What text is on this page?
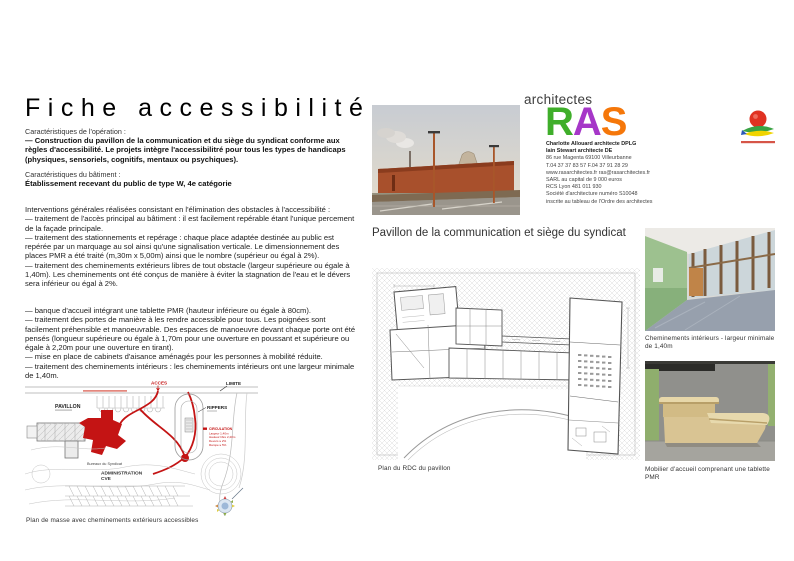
Fiche accessibilité
Caractéristiques de l'opération :
— Construction du pavillon de la communication et du siège du syndicat conforme aux règles d'accessibilité. Le projets intègre l'accessibilitré pour tous les types de handicaps (physiques, sensoriels, cognitifs, mentaux ou psychiques).
Caractéristiques du bâtiment :
Établissement recevant du public de type W, 4e catégorie
Interventions générales réalisées consistant en l'élimination des obstacles à l'accessibilité :
— traitement de l'accès principal au bâtiment : il est facilement repérable étant l'unique percement de la façade principale.
— traitement des stationnements et repérage : chaque place adaptée destinée au public est repérée par un marquage au sol ainsi qu'une signalisation verticale. Le dimensionnement des places PMR a été traité (m,30m x 5,00m) ainsi que le nombre (supérieur ou égal à 2%).
— traitement des cheminements extérieurs libres de tout obstacle (largeur supérieure ou égale à 1,40m). Les cheminements ont été conçus de manière à éviter la stagnation de l'eau et le dévers sera inférieur ou égal à 2%.
— banque d'accueil intégrant une tablette PMR (hauteur inférieure ou égale à 80cm).
— traitement des portes de manière à les rendre accessible pour tous. Les poignées sont facilement préhensible et manoeuvrable. Des espaces de manoeuvre devant chaque porte ont été pensés (longueur supérieure ou égale à 1,70m pour une ouverture en poussant et supérieure ou égale à 2,20m pour une ouverture en tirant).
— mise en place de cabinets d'aisance aménagés pour les personnes à mobilité réduite.
— traitement des cheminements intérieurs : les cheminements intérieurs ont une largeur minimale de 1,40m.
ACCES	LIMITE
PAVILLON	RIPPERS
CIRCULATION
Largeur 1,40m
Hauteur libre 2,20m
Devers ≤ 2%
Rampe ≤ 5%
Bureaux du Syndicat
ADMINISTRATION
CVE
Plan de masse avec cheminements extérieurs accessibles
architectes
RAS
Charlotte Allouard architecte DPLG
Iain Stewart architecte DE
86 rue Magenta 69100 Villeurbanne
T.04 37 37 83 57 F.04 37 91 28 29
www.rasarchitectes.fr ras@rasarchitectes.fr
SARL au capital de 9 000 euros
RCS Lyon 481 011 930
Société d'architecture numéro S10048
inscrite au tableau de l'Ordre des architectes
Pavillon de la communication et siège du syndicat
Plan du RDC du pavillon
Cheminements intérieurs - largeur minimale de 1,40m
Mobilier d'accueil comprenant une tablette PMR
